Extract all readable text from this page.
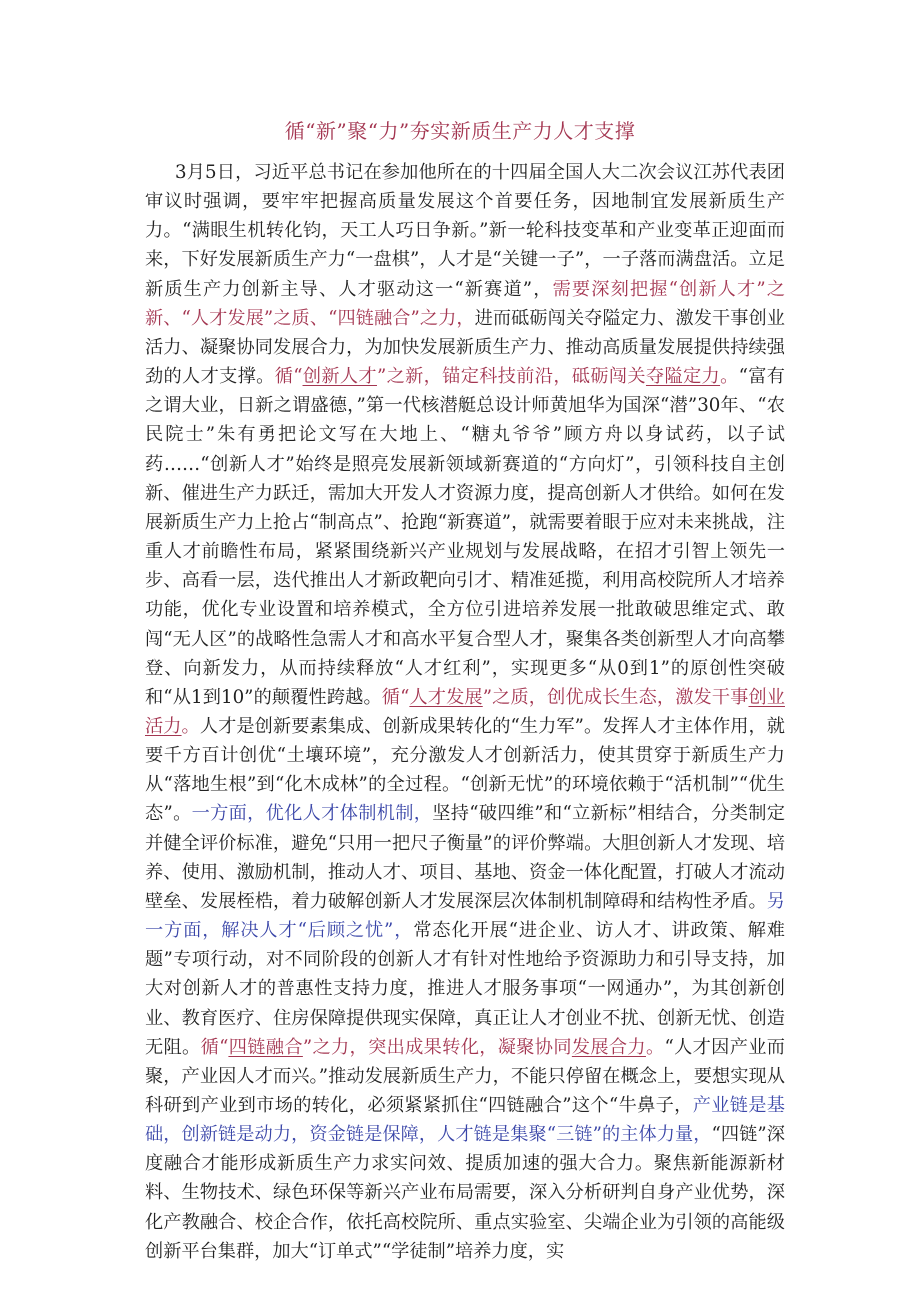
循“新”聚“力”夯实新质生产力人才支撑
3月5日，习近平总书记在参加他所在的十四届全国人大二次会议江苏代表团审议时强调，要牢牢把握高质量发展这个首要任务，因地制宜发展新质生产力。“满眼生机转化钧，天工人巧日争新。”新一轮科技变革和产业变革正迎面而来，下好发展新质生产力“一盘棋”，人才是“关键一子”，一子落而满盘活。立足新质生产力创新主导、人才驱动这一“新赛道”，需要深刻把握“创新人才”之新、“人才发展”之质、“四链融合”之力，进而砥砺闯关夺隘定力、激发干事创业活力、凝聚协同发展合力，为加快发展新质生产力、推动高质量发展提供持续强劲的人才支撑。循“创新人才”之新，锚定科技前沿，砥砺闯关夺隘定力。“富有之谓大业，日新之谓盛德，”第一代核潜艇总设计师黄旭华为国深“潜”30年、“农民院士”朱有勇把论文写在大地上、“糖丸爷爷”顾方舟以身试药，以子试药……“创新人才”始终是照亮发展新领域新赛道的“方向灯”，引领科技自主创新、催进生产力跃迁，需加大开发人才资源力度，提高创新人才供给。如何在发展新质生产力上抢占“制高点”、抢跑“新赛道”，就需要着眼于应对未来挑战，注重人才前瞻性布局，紧紧围绕新兴产业规划与发展战略，在招才引智上领先一步、高看一层，迭代推出人才新政靶向引才、精准延揽，利用高校院所人才培养功能，优化专业设置和培养模式，全方位引进培养发展一批敢破思维定式、敢闯“无人区”的战略性急需人才和高水平复合型人才，聚集各类创新型人才向高攀登、向新发力，从而持续释放“人才红利”，实现更多“从0到1”的原创性突破和“从1到10”的颠覆性跨越。循“人才发展”之质，创优成长生态，激发干事创业活力。人才是创新要素集成、创新成果转化的“生力军”。发挥人才主体作用，就要千方百计创优“土壤环境”，充分激发人才创新活力，使其贯穿于新质生产力从“落地生根”到“化木成林”的全过程。“创新无忧”的环境依赖于“活机制”“优生态”。一方面，优化人才体制机制，坚持“破四维”和“立新标”相结合，分类制定并健全评价标准，避免“只用一把尺子衡量”的评价弊端。大胆创新人才发现、培养、使用、激励机制，推动人才、项目、基地、资金一体化配置，打破人才流动壁垒、发展桎梏，着力破解创新人才发展深层次体制机制障碍和结构性矛盾。另一方面，解决人才“后顾之忧”，常态化开展“进企业、访人才、讲政策、解难题”专项行动，对不同阶段的创新人才有针对性地给予资源助力和引导支持，加大对创新人才的普惠性支持力度，推进人才服务事项“一网通办”，为其创新创业、教育医疗、住房保障提供现实保障，真正让人才创业不扰、创新无忧、创造无阻。循“四链融合”之力，突出成果转化，凝聚协同发展合力。“人才因产业而聚，产业因人才而兴。”推动发展新质生产力，不能只停留在概念上，要想实现从科研到产业到市场的转化，必须紧紧抓住“四链融合”这个“牛鼻子，产业链是基础，创新链是动力，资金链是保障，人才链是集聚“三链”的主体力量，“四链”深度融合才能形成新质生产力求实问效、提质加速的强大合力。聚焦新能源新材料、生物技术、绿色环保等新兴产业布局需要，深入分析研判自身产业优势，深化产教融合、校企合作，依托高校院所、重点实验室、尖端企业为引领的高能级创新平台集群，加大“订单式”“学徒制”培养力度，实
